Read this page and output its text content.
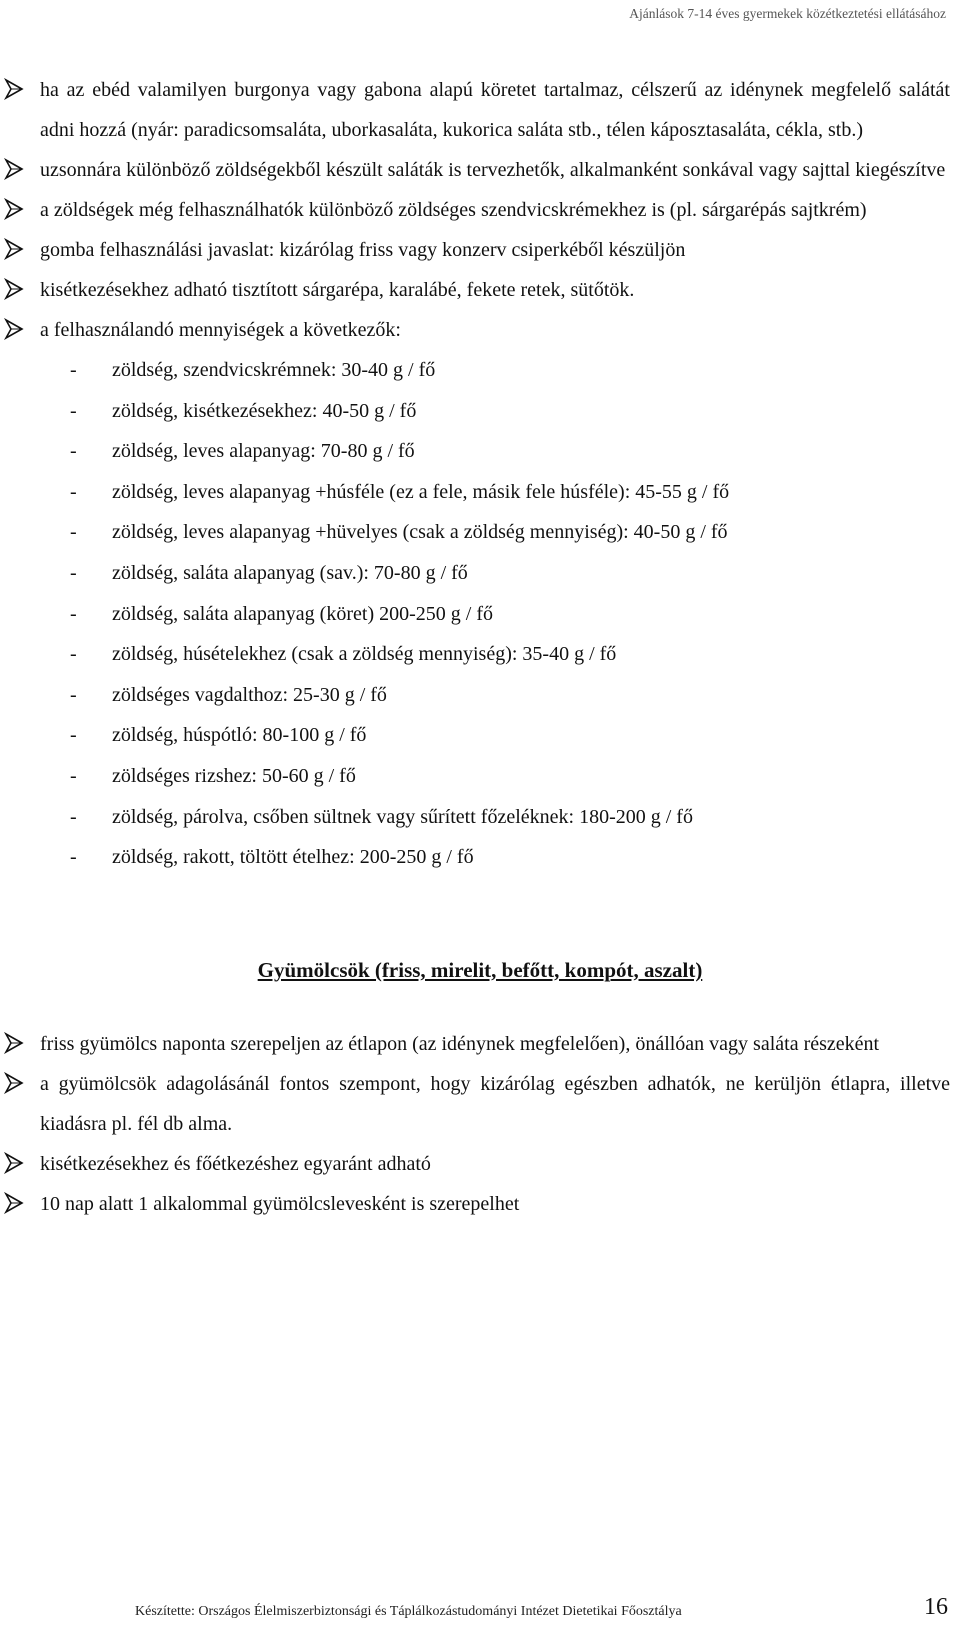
Ajánlások 7-14 éves gyermekek közétkeztetési ellátásához
ha az ebéd valamilyen burgonya vagy gabona alapú köretet tartalmaz, célszerű az idénynek megfelelő salátát adni hozzá (nyár: paradicsomsaláta, uborkasaláta, kukorica saláta stb., télen káposztasaláta, cékla, stb.)
uzsonnára különböző zöldségekből készült saláták is tervezhetők, alkalmanként sonkával vagy sajttal kiegészítve
a zöldségek még felhasználhatók különböző zöldséges szendvicskrémekhez is (pl. sárgarépás sajtkrém)
gomba felhasználási javaslat: kizárólag friss vagy konzerv csiperkéből készüljön
kisétkezésekhez adható tisztított sárgarépa, karalábé, fekete retek, sütőtök.
a felhasználandó mennyiségek a következők:
- zöldség, szendvicskrémnek: 30-40 g / fő
- zöldség, kisétkezésekhez: 40-50 g / fő
- zöldség, leves alapanyag: 70-80 g / fő
- zöldség, leves alapanyag +húsféle (ez a fele, másik fele húsféle): 45-55 g / fő
- zöldség, leves alapanyag +hüvelyes (csak a zöldség mennyiség): 40-50 g / fő
- zöldség, saláta alapanyag (sav.): 70-80 g / fő
- zöldség, saláta alapanyag (köret) 200-250 g / fő
- zöldség, húsételekhez (csak a zöldség mennyiség): 35-40 g / fő
- zöldséges vagdalthoz: 25-30 g / fő
- zöldség, húspótló: 80-100 g / fő
- zöldséges rizshez: 50-60 g / fő
- zöldség, párolva, csőben sültnek vagy sűrített főzeléknek: 180-200 g / fő
- zöldség, rakott, töltött ételhez: 200-250 g / fő
Gyümölcsök (friss, mirelit, befőtt, kompót, aszalt)
friss gyümölcs naponta szerepeljen az étlapon (az idénynek megfelelően), önállóan vagy saláta részeként
a gyümölcsök adagolásánál fontos szempont, hogy kizárólag egészben adhatók, ne kerüljön étlapra, illetve kiadásra pl. fél db alma.
kisétkezésekhez és főétkezéshez egyaránt adható
10 nap alatt 1 alkalommal gyümölcslevesként is szerepelhet
Készítette: Országos Élelmiszerbiztonsági és Táplálkozástudományi Intézet Dietetikai Főosztálya	16
